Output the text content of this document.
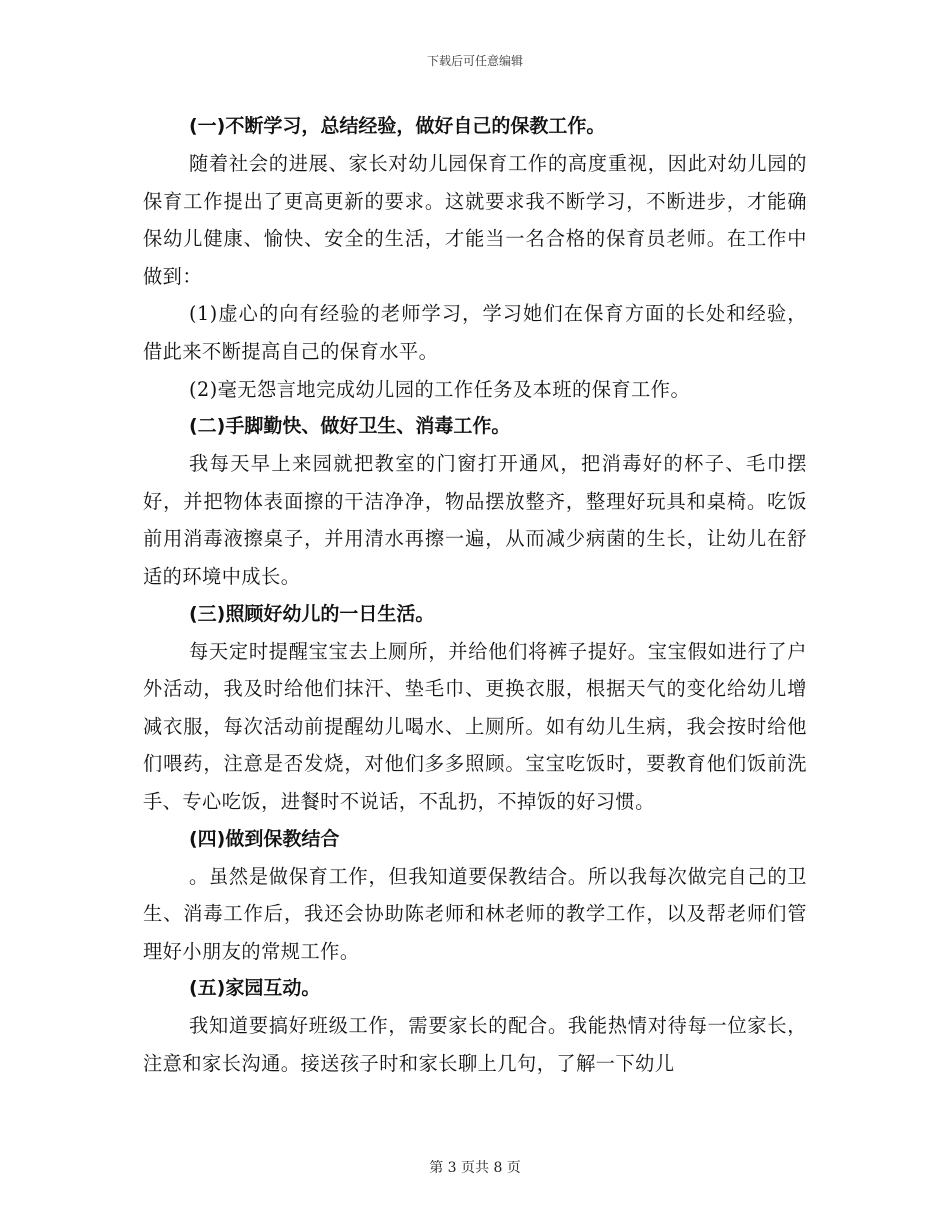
下载后可任意编辑
(一)不断学习，总结经验，做好自己的保教工作。

随着社会的进展、家长对幼儿园保育工作的高度重视，因此对幼儿园的保育工作提出了更高更新的要求。这就要求我不断学习，不断进步，才能确保幼儿健康、愉快、安全的生活，才能当一名合格的保育员老师。在工作中做到：

(1)虚心的向有经验的老师学习，学习她们在保育方面的长处和经验，借此来不断提高自己的保育水平。

(2)毫无怨言地完成幼儿园的工作任务及本班的保育工作。

(二)手脚勤快、做好卫生、消毒工作。

我每天早上来园就把教室的门窗打开通风，把消毒好的杯子、毛巾摆好，并把物体表面擦的干洁净净，物品摆放整齐，整理好玩具和桌椅。吃饭前用消毒液擦桌子，并用清水再擦一遍，从而减少病菌的生长，让幼儿在舒适的环境中成长。

(三)照顾好幼儿的一日生活。

每天定时提醒宝宝去上厕所，并给他们将裤子提好。宝宝假如进行了户外活动，我及时给他们抹汗、垫毛巾、更换衣服，根据天气的变化给幼儿增减衣服，每次活动前提醒幼儿喝水、上厕所。如有幼儿生病，我会按时给他们喂药，注意是否发烧，对他们多多照顾。宝宝吃饭时，要教育他们饭前洗手、专心吃饭，进餐时不说话，不乱扔，不掉饭的好习惯。

(四)做到保教结合

。虽然是做保育工作，但我知道要保教结合。所以我每次做完自己的卫生、消毒工作后，我还会协助陈老师和林老师的教学工作，以及帮老师们管理好小朋友的常规工作。

(五)家园互动。

我知道要搞好班级工作，需要家长的配合。我能热情对待每一位家长，注意和家长沟通。接送孩子时和家长聊上几句，了解一下幼儿

第 3 页共 8 页
